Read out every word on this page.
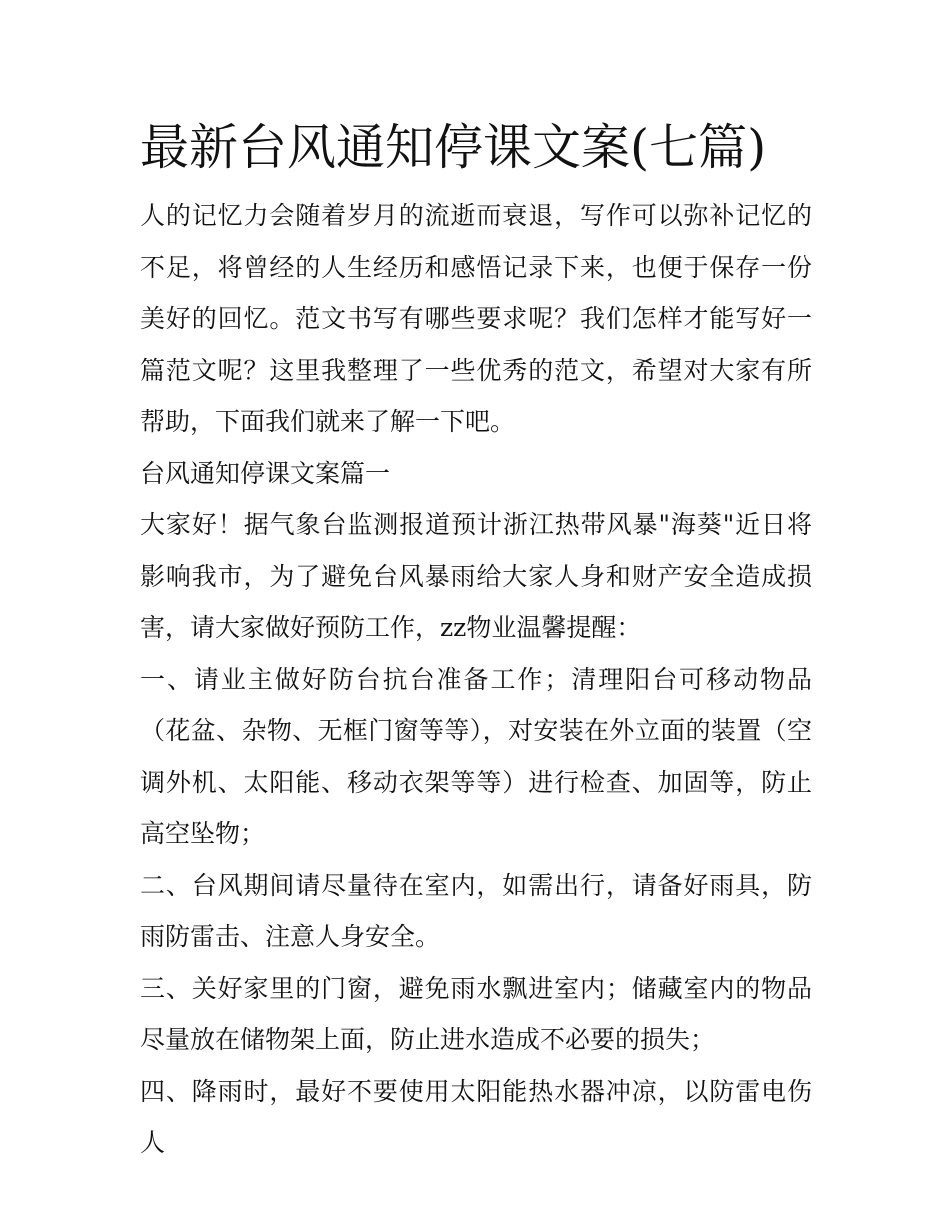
最新台风通知停课文案(七篇)

人的记忆力会随着岁月的流逝而衰退，写作可以弥补记忆的不足，将曾经的人生经历和感悟记录下来，也便于保存一份美好的回忆。范文书写有哪些要求呢？我们怎样才能写好一篇范文呢？这里我整理了一些优秀的范文，希望对大家有所帮助，下面我们就来了解一下吧。

台风通知停课文案篇一

大家好！据气象台监测报道预计浙江热带风暴"海葵"近日将影响我市，为了避免台风暴雨给大家人身和财产安全造成损害，请大家做好预防工作，zz物业温馨提醒：

一、请业主做好防台抗台准备工作；清理阳台可移动物品（花盆、杂物、无框门窗等等），对安装在外立面的装置（空调外机、太阳能、移动衣架等等）进行检查、加固等，防止高空坠物；

二、台风期间请尽量待在室内，如需出行，请备好雨具，防雨防雷击、注意人身安全。

三、关好家里的门窗，避免雨水飘进室内；储藏室内的物品尽量放在储物架上面，防止进水造成不必要的损失；

四、降雨时，最好不要使用太阳能热水器冲凉，以防雷电伤人
